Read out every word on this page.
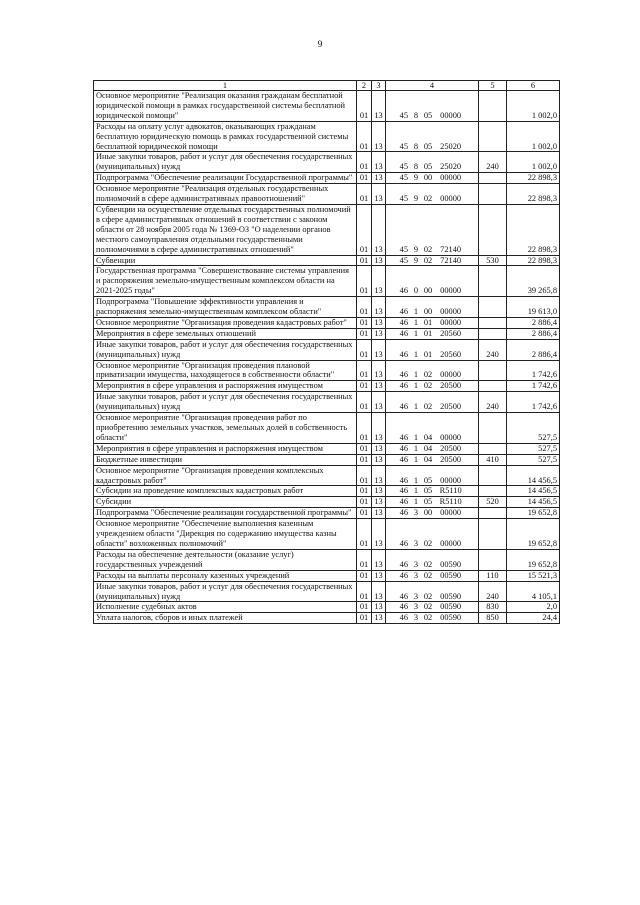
9
1	2	3	4	5	6
Основное мероприятие "Реализация оказания гражданам бесплатной юридической помощи в рамках государственной системы бесплатной юридической помощи"	01	13	45 8 05 00000		1 002,0
Расходы на оплату услуг адвокатов, оказывающих гражданам бесплатную юридическую помощь в рамках государственной системы бесплатной юридической помощи	01	13	45 8 05 25020		1 002,0
Иные закупки товаров, работ и услуг для обеспечения государственных (муниципальных) нужд	01	13	45 8 05 25020	240	1 002,0
Подпрограмма "Обеспечение реализации Государственной программы"	01	13	45 9 00 00000		22 898,3
Основное мероприятие "Реализация отдельных государственных полномочий в сфере административных правоотношений"	01	13	45 9 02 00000		22 898,3
Субвенции на осуществление отдельных государственных полномочий в сфере административных отношений в соответствии с законом области от 28 ноября 2005 года № 1369-ОЗ "О наделении органов местного самоуправления отдельными государственными полномочиями в сфере административных отношений"	01	13	45 9 02 72140		22 898,3
Субвенции	01	13	45 9 02 72140	530	22 898,3
Государственная программа "Совершенствование системы управления и распоряжения земельно-имущественным комплексом области на 2021-2025 годы"	01	13	46 0 00 00000		39 265,8
Подпрограмма "Повышение эффективности управления и распоряжения земельно-имущественным комплексом области"	01	13	46 1 00 00000		19 613,0
Основное мероприятие "Организация проведения кадастровых работ"	01	13	46 1 01 00000		2 886,4
Мероприятия в сфере земельных отношений	01	13	46 1 01 20560		2 886,4
Иные закупки товаров, работ и услуг для обеспечения государственных (муниципальных) нужд	01	13	46 1 01 20560	240	2 886,4
Основное мероприятие "Организация проведения плановой приватизации имущества, находящегося в собственности области"	01	13	46 1 02 00000		1 742,6
Мероприятия в сфере управления и распоряжения имуществом	01	13	46 1 02 20500		1 742,6
Иные закупки товаров, работ и услуг для обеспечения государственных (муниципальных) нужд	01	13	46 1 02 20500	240	1 742,6
Основное мероприятие "Организация проведения работ по приобретению земельных участков, земельных долей в собственность области"	01	13	46 1 04 00000		527,5
Мероприятия в сфере управления и распоряжения имуществом	01	13	46 1 04 20500		527,5
Бюджетные инвестиции	01	13	46 1 04 20500	410	527,5
Основное мероприятие "Организация проведения комплексных кадастровых работ"	01	13	46 1 05 00000		14 456,5
Субсидии на проведение комплексных кадастровых работ	01	13	46 1 05 R5110		14 456,5
Субсидии	01	13	46 1 05 R5110	520	14 456,5
Подпрограмма "Обеспечение реализации государственной программы"	01	13	46 3 00 00000		19 652,8
Основное мероприятие "Обеспечение выполнения казенным учреждением области "Дирекция по содержанию имущества казны области" возложенных полномочий"	01	13	46 3 02 00000		19 652,8
Расходы на обеспечение деятельности (оказание услуг) государственных учреждений	01	13	46 3 02 00590		19 652,8
Расходы на выплаты персоналу казенных учреждений	01	13	46 3 02 00590	110	15 521,3
Иные закупки товаров, работ и услуг для обеспечения государственных (муниципальных) нужд	01	13	46 3 02 00590	240	4 105,1
Исполнение судебных актов	01	13	46 3 02 00590	830	2,0
Уплата налогов, сборов и иных платежей	01	13	46 3 02 00590	850	24,4
